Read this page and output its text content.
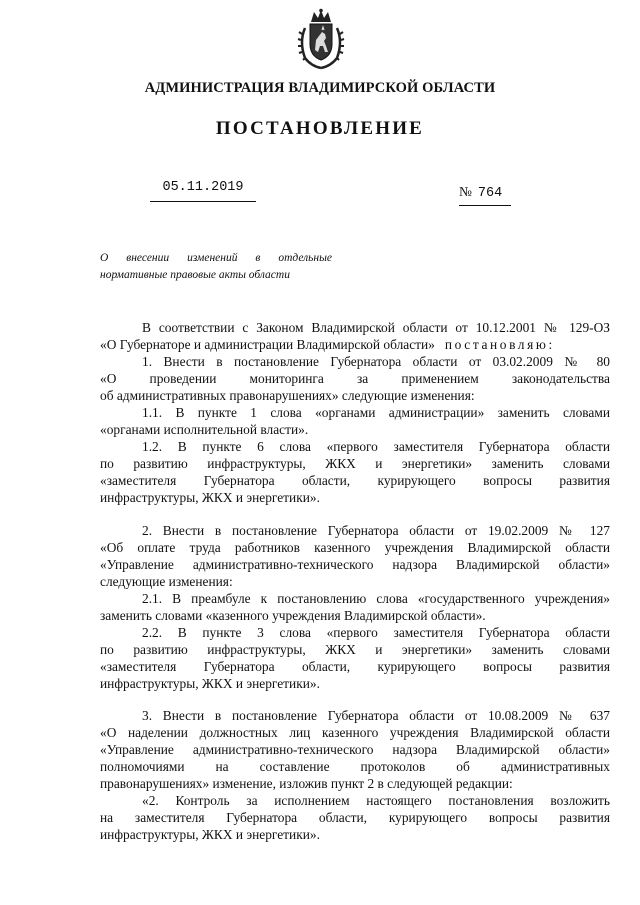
АДМИНИСТРАЦИЯ ВЛАДИМИРСКОЙ ОБЛАСТИ
ПОСТАНОВЛЕНИЕ
05.11.2019	№ 764
О внесении изменений в отдельные
нормативные правовые акты области
В соответствии с Законом Владимирской области от 10.12.2001 № 129-ОЗ
«О Губернаторе и администрации Владимирской области» постановляю:
1. Внести в постановление Губернатора области от 03.02.2009 № 80
«О проведении мониторинга за применением законодательства
об административных правонарушениях» следующие изменения:
1.1. В пункте 1 слова «органами администрации» заменить словами
«органами исполнительной власти».
1.2. В пункте 6 слова «первого заместителя Губернатора области
по развитию инфраструктуры, ЖКХ и энергетики» заменить словами
«заместителя Губернатора области, курирующего вопросы развития
инфраструктуры, ЖКХ и энергетики».
2. Внести в постановление Губернатора области от 19.02.2009 № 127
«Об оплате труда работников казенного учреждения Владимирской области
«Управление административно-технического надзора Владимирской области»
следующие изменения:
2.1. В преамбуле к постановлению слова «государственного учреждения»
заменить словами «казенного учреждения Владимирской области».
2.2. В пункте 3 слова «первого заместителя Губернатора области
по развитию инфраструктуры, ЖКХ и энергетики» заменить словами
«заместителя Губернатора области, курирующего вопросы развития
инфраструктуры, ЖКХ и энергетики».
3. Внести в постановление Губернатора области от 10.08.2009 № 637
«О наделении должностных лиц казенного учреждения Владимирской области
«Управление административно-технического надзора Владимирской области»
полномочиями на составление протоколов об административных
правонарушениях» изменение, изложив пункт 2 в следующей редакции:
«2. Контроль за исполнением настоящего постановления возложить
на заместителя Губернатора области, курирующего вопросы развития
инфраструктуры, ЖКХ и энергетики».
